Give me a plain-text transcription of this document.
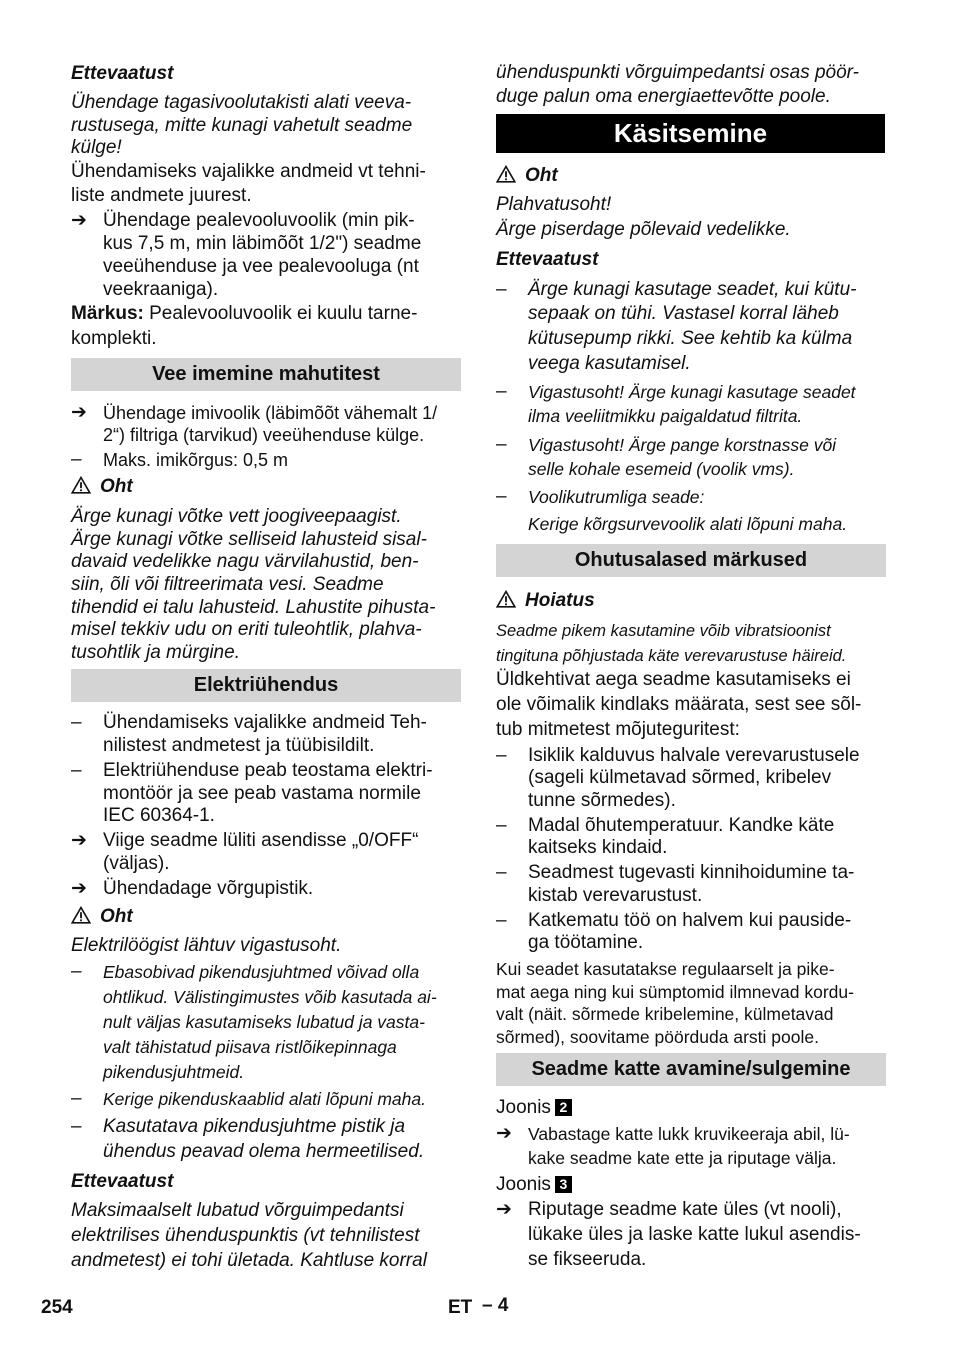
Ettevaatust
Ühendage tagasivoolutakisti alati veeva-
rustusega, mitte kunagi vahetult seadme
külge!
Ühendamiseks vajalikke andmeid vt tehni-
liste andmete juurest.
➔ Ühendage pealevooluvoolik (min pik-
kus 7,5 m, min läbimõõt 1/2") seadme
veeühenduse ja vee pealevooluga (nt
veekraaniga).
Märkus: Pealevooluvoolik ei kuulu tarne-
komplekti.
Vee imemine mahutitest
➔ Ühendage imivoolik (läbimõõt vähemalt 1/
2“) filtriga (tarvikud) veeühenduse külge.
– Maks. imikõrgus: 0,5 m
Oht
Ärge kunagi võtke vett joogiveepaagist.
Ärge kunagi võtke selliseid lahusteid sisal-
davaid vedelikke nagu värvilahustid, ben-
siin, õli või filtreerimata vesi. Seadme
tihendid ei talu lahusteid. Lahustite pihusta-
misel tekkiv udu on eriti tuleohtlik, plahva-
tusohtlik ja mürgine.
Elektriühendus
– Ühendamiseks vajalikke andmeid Teh-
nilistest andmetest ja tüübisildilt.
– Elektriühenduse peab teostama elektri-
montöör ja see peab vastama normile
IEC 60364-1.
➔ Viige seadme lüliti asendisse „0/OFF“
(väljas).
➔ Ühendadage võrgupistik.
Oht
Elektrilöögist lähtuv vigastusoht.
– Ebasobivad pikendusjuhtmed võivad olla
ohtlikud. Välistingimustes võib kasutada ai-
nult väljas kasutamiseks lubatud ja vasta-
valt tähistatud piisava ristlõikepinnaga
pikendusjuhtmeid.
– Kerige pikenduskaablid alati lõpuni maha.
– Kasutatava pikendusjuhtme pistik ja
ühendus peavad olema hermeetilised.
Ettevaatust
Maksimaalselt lubatud võrguimpedantsi
elektrilises ühenduspunktis (vt tehnilistest
andmetest) ei tohi ületada. Kahtluse korral
ühenduspunkti võrguimpedantsi osas pöör-
duge palun oma energiaettevõtte poole.
Käsitsemine
Oht
Plahvatusoht!
Ärge piserdage põlevaid vedelikke.
Ettevaatust
– Ärge kunagi kasutage seadet, kui kütu-
sepaak on tühi. Vastasel korral läheb
kütusepump rikki. See kehtib ka külma
veega kasutamisel.
– Vigastusoht! Ärge kunagi kasutage seadet
ilma veeliitmikku paigaldatud filtrita.
– Vigastusoht! Ärge pange korstnasse või
selle kohale esemeid (voolik vms).
– Voolikutrumliga seade:
Kerige kõrgsurvevoolik alati lõpuni maha.
Ohutusalased märkused
Hoiatus
Seadme pikem kasutamine võib vibratsioonist
tingituna põhjustada käte verevarustuse häireid.
Üldkehtivat aega seadme kasutamiseks ei
ole võimalik kindlaks määrata, sest see sõl-
tub mitmetest mõjuteguritest:
– Isiklik kalduvus halvale verevarustusele
(sageli külmetavad sõrmed, kribelev
tunne sõrmedes).
– Madal õhutemperatuur. Kandke käte
kaitseks kindaid.
– Seadmest tugevasti kinnihoidumine ta-
kistab verevarustust.
– Katkematu töö on halvem kui pauside-
ga töötamine.
Kui seadet kasutatakse regulaarselt ja pike-
mat aega ning kui sümptomid ilmnevad kordu-
valt (näit. sõrmede kribelemine, külmetavad
sõrmed), soovitame pöörduda arsti poole.
Seadme katte avamine/sulgemine
Joonis 2
➔ Vabastage katte lukk kruvikeeraja abil, lü-
kake seadme kate ette ja riputage välja.
Joonis 3
➔ Riputage seadme kate üles (vt nooli),
lükake üles ja laske katte lukul asendis-
se fikseeruda.
254	ET – 4
